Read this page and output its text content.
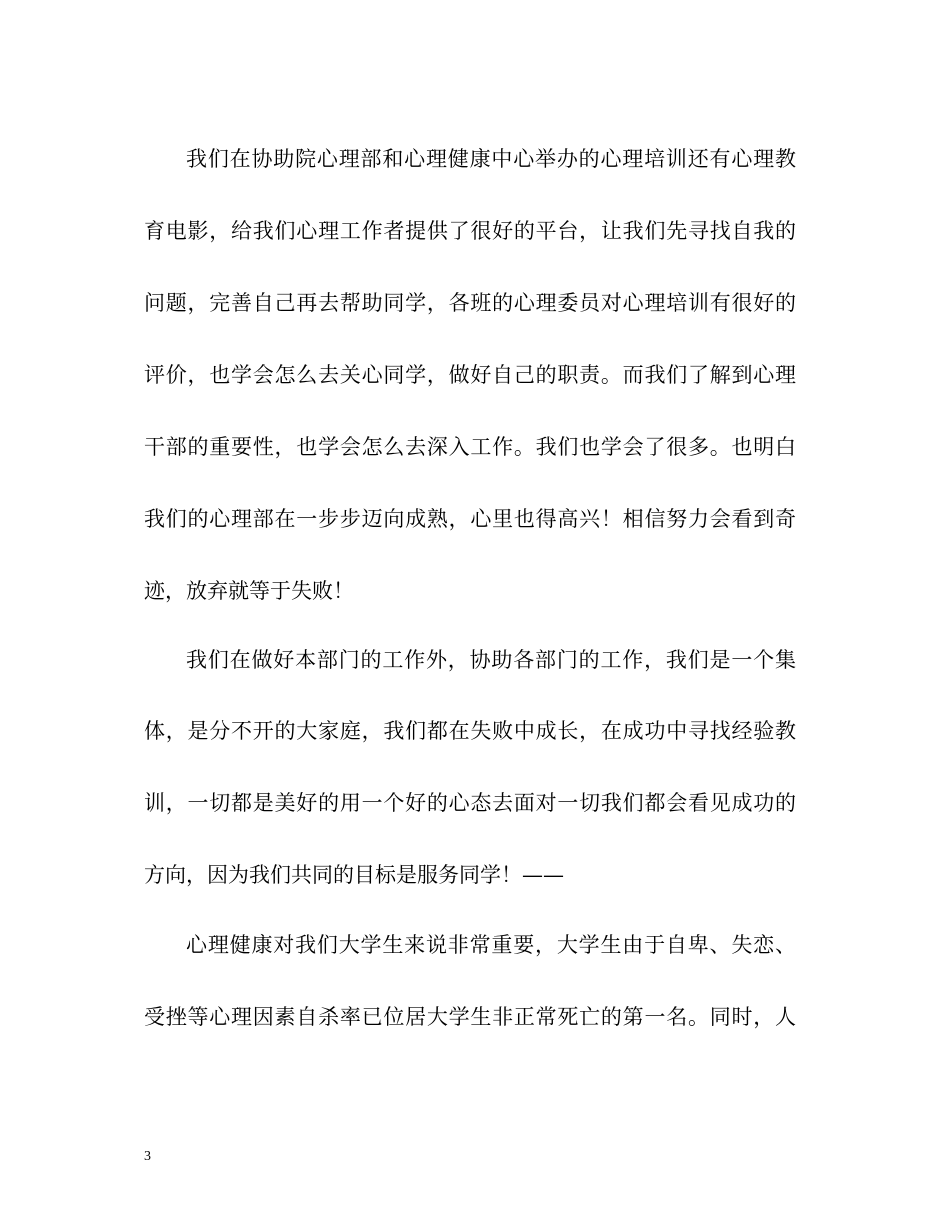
我们在协助院心理部和心理健康中心举办的心理培训还有心理教
育电影，给我们心理工作者提供了很好的平台，让我们先寻找自我的
问题，完善自己再去帮助同学，各班的心理委员对心理培训有很好的
评价，也学会怎么去关心同学，做好自己的职责。而我们了解到心理
干部的重要性，也学会怎么去深入工作。我们也学会了很多。也明白
我们的心理部在一步步迈向成熟，心里也得高兴！相信努力会看到奇
迹，放弃就等于失败！
我们在做好本部门的工作外，协助各部门的工作，我们是一个集
体，是分不开的大家庭，我们都在失败中成长，在成功中寻找经验教
训，一切都是美好的用一个好的心态去面对一切我们都会看见成功的
方向，因为我们共同的目标是服务同学！——
心理健康对我们大学生来说非常重要，大学生由于自卑、失恋、
受挫等心理因素自杀率已位居大学生非正常死亡的第一名。同时，人
3
